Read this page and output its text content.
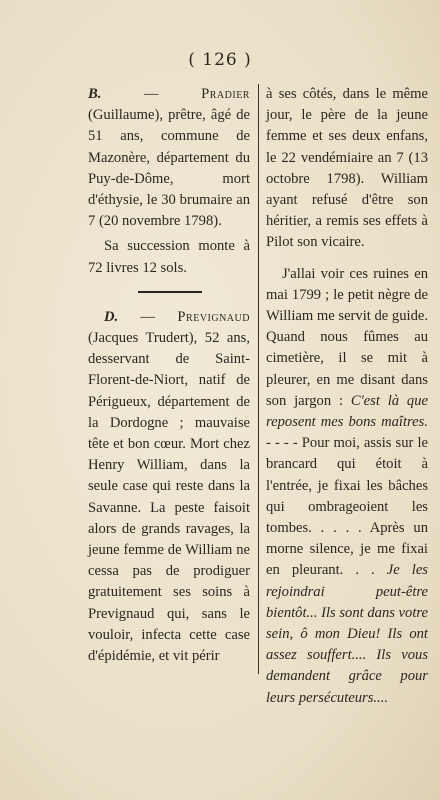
( 126 )

B.	—	Pradier (Guillaume), prêtre, âgé de 51 ans, commune de Mazonère, département du Puy-de-Dôme, mort d'éthysie, le 30 brumaire an 7 (20 novembre 1798).

Sa succession monte à 72 livres 12 sols.

D. — Prevignaud (Jacques Trudert), 52 ans, desservant de Saint-Florent-de-Niort, natif de Périgueux, département de la Dordogne ; mauvaise tête et bon cœur. Mort chez Henry William, dans la seule case qui reste dans la Savanne. La peste faisoit alors de grands ravages, la jeune femme de William ne cessa pas de prodiguer gratuitement ses soins à Prevignaud qui, sans le vouloir, infecta cette case d'épidémie, et vit périr

à ses côtés, dans le même jour, le père de la jeune femme et ses deux enfans, le 22 vendémiaire an 7 (13 octobre 1798). William ayant refusé d'être son héritier, a remis ses effets à Pilot son vicaire.

J'allai voir ces ruines en mai 1799 ; le petit nègre de William me servit de guide. Quand nous fûmes au cimetière, il se mit à pleurer, en me disant dans son jargon : C'est là que reposent mes bons maîtres. - - - - Pour moi, assis sur le brancard qui étoit à l'entrée, je fixai les bâches qui ombrageoient les tombes. . . . . Après un morne silence, je me fixai en pleurant. . . Je les rejoindrai peut-être bientôt... Ils sont dans votre sein, ô mon Dieu! Ils ont assez souffert.... Ils vous demandent grâce pour leurs persécuteurs....
